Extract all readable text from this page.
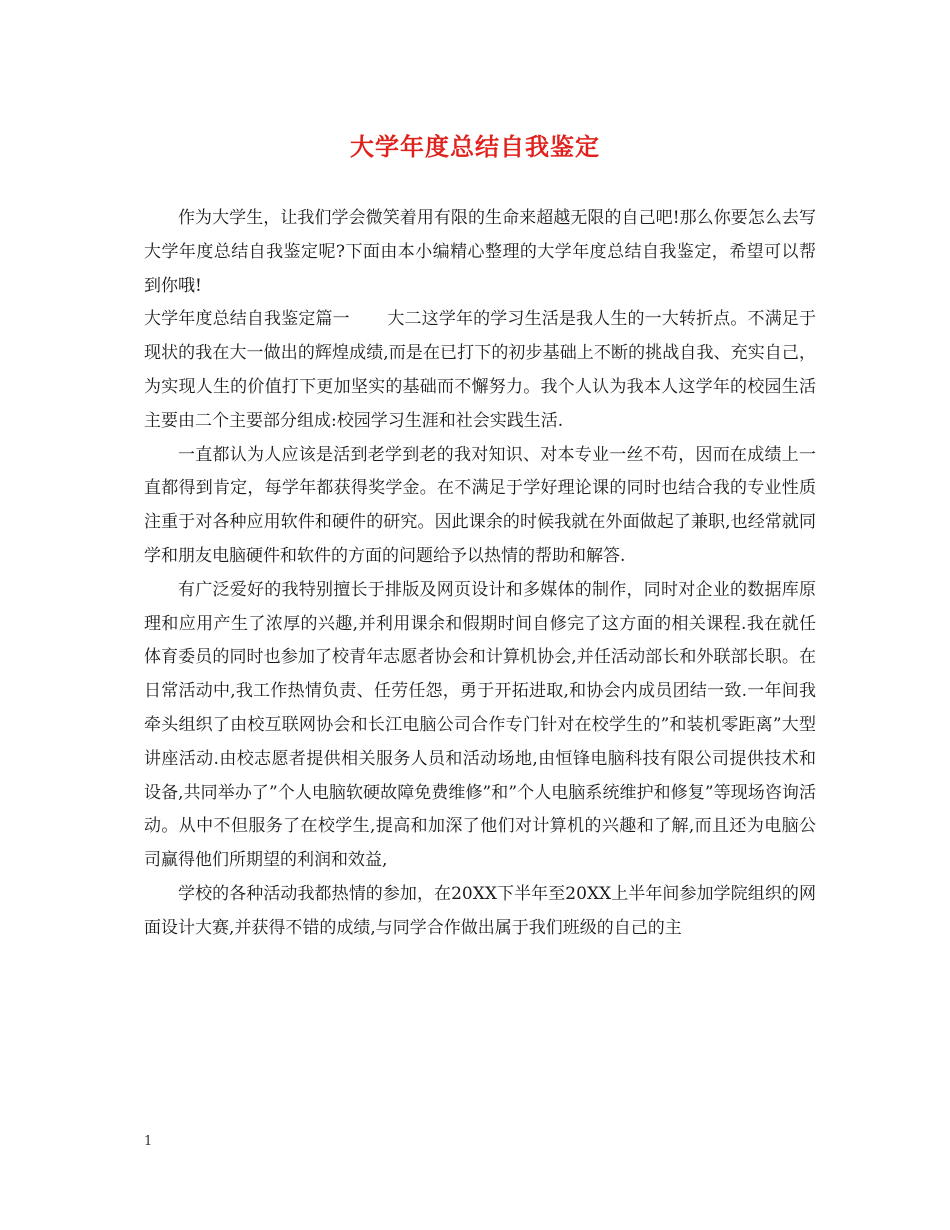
大学年度总结自我鉴定

作为大学生，让我们学会微笑着用有限的生命来超越无限的自己吧!那么你要怎么去写大学年度总结自我鉴定呢?下面由本小编精心整理的大学年度总结自我鉴定，希望可以帮到你哦!

大学年度总结自我鉴定篇一 大二这学年的学习生活是我人生的一大转折点。不满足于现状的我在大一做出的辉煌成绩,而是在已打下的初步基础上不断的挑战自我、充实自己，为实现人生的价值打下更加坚实的基础而不懈努力。我个人认为我本人这学年的校园生活主要由二个主要部分组成:校园学习生涯和社会实践生活.

一直都认为人应该是活到老学到老的我对知识、对本专业一丝不苟，因而在成绩上一直都得到肯定，每学年都获得奖学金。在不满足于学好理论课的同时也结合我的专业性质注重于对各种应用软件和硬件的研究。因此课余的时候我就在外面做起了兼职,也经常就同学和朋友电脑硬件和软件的方面的问题给予以热情的帮助和解答.

有广泛爱好的我特别擅长于排版及网页设计和多媒体的制作，同时对企业的数据库原理和应用产生了浓厚的兴趣,并利用课余和假期时间自修完了这方面的相关课程.我在就任体育委员的同时也参加了校青年志愿者协会和计算机协会,并任活动部长和外联部长职。在日常活动中,我工作热情负责、任劳任怨，勇于开拓进取,和协会内成员团结一致.一年间我牵头组织了由校互联网协会和长江电脑公司合作专门针对在校学生的”和装机零距离”大型讲座活动.由校志愿者提供相关服务人员和活动场地,由恒锋电脑科技有限公司提供技术和设备,共同举办了”个人电脑软硬故障免费维修”和”个人电脑系统维护和修复”等现场咨询活动。从中不但服务了在校学生,提高和加深了他们对计算机的兴趣和了解,而且还为电脑公司赢得他们所期望的利润和效益,

学校的各种活动我都热情的参加，在20XX下半年至20XX上半年间参加学院组织的网面设计大赛,并获得不错的成绩,与同学合作做出属于我们班级的自己的主

1
